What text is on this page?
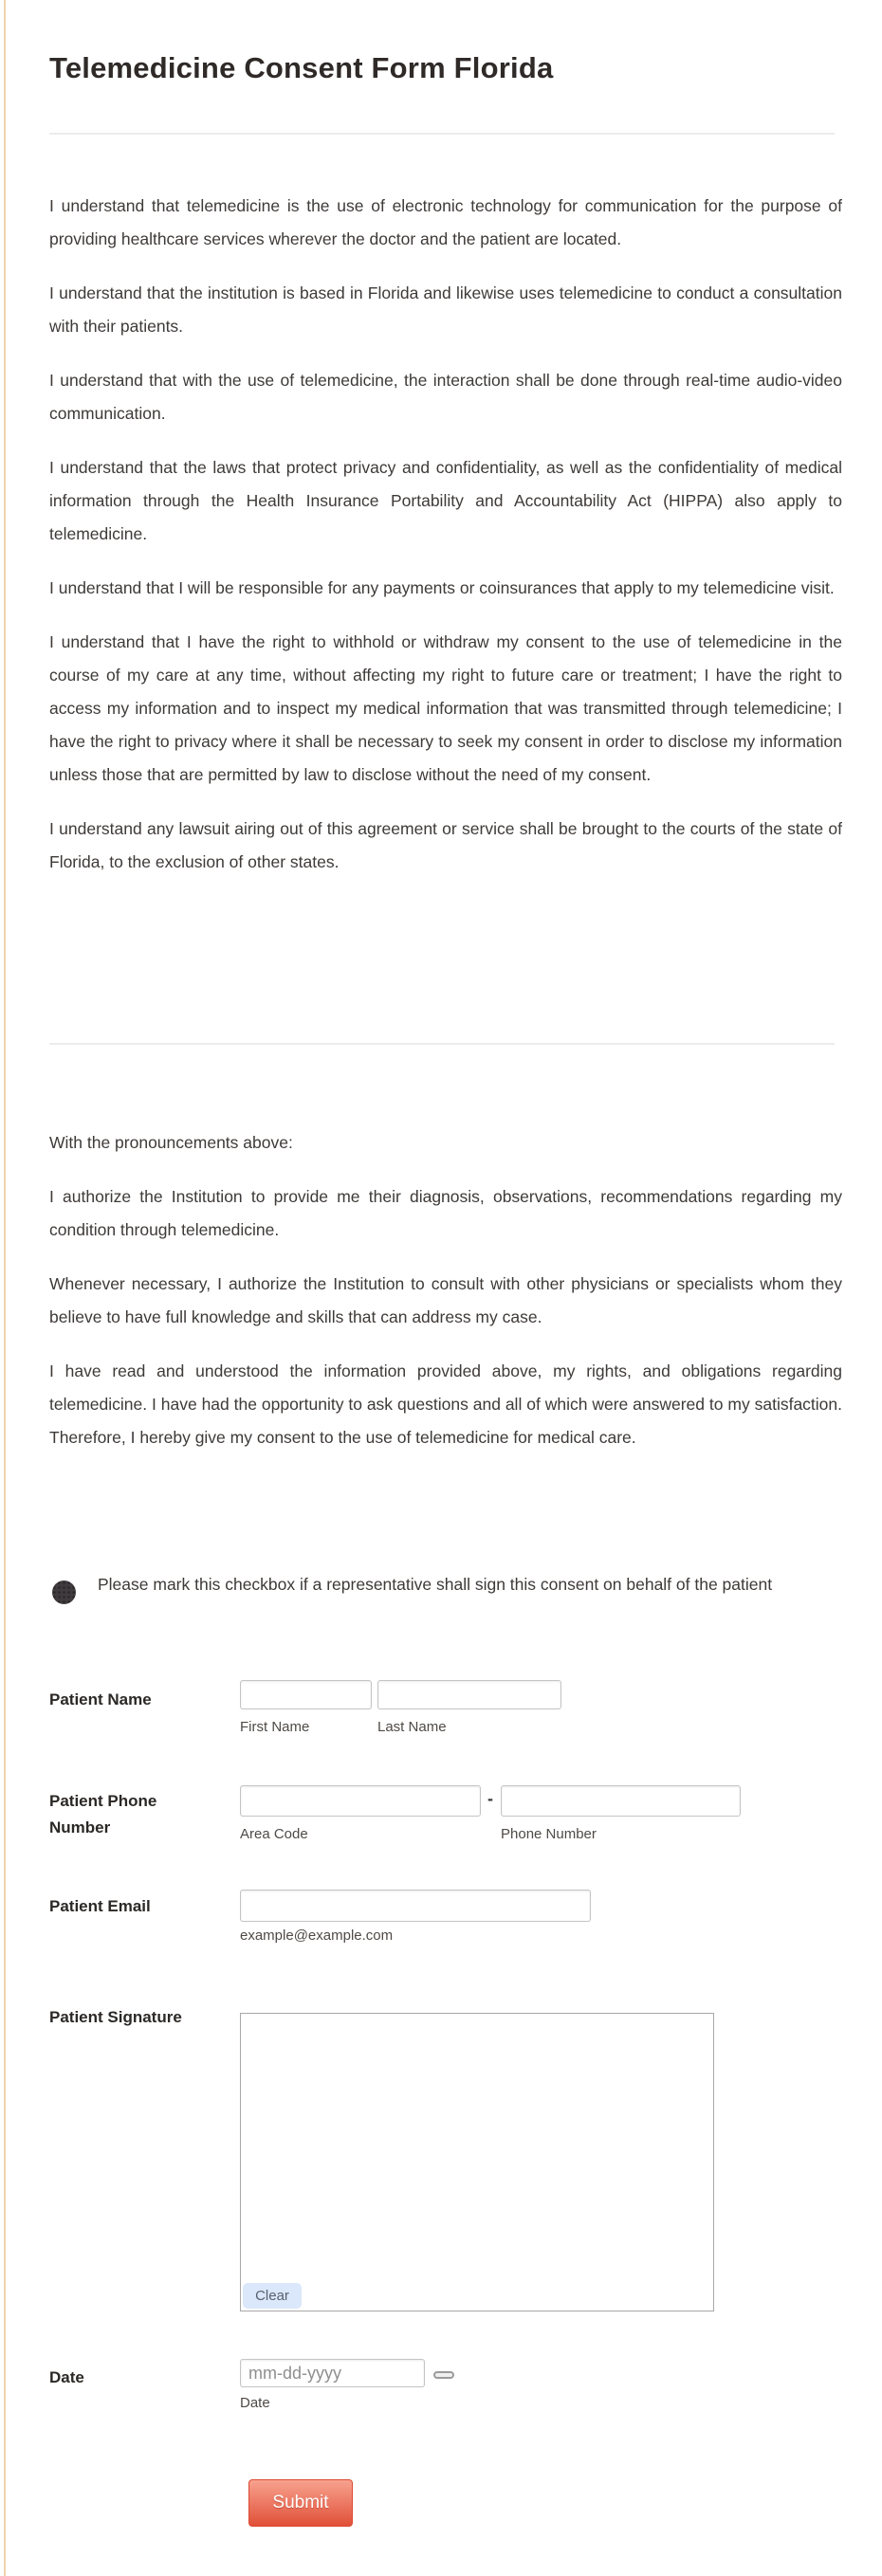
Telemedicine Consent Form Florida

I understand that telemedicine is the use of electronic technology for communication for the purpose of providing healthcare services wherever the doctor and the patient are located.

I understand that the institution is based in Florida and likewise uses telemedicine to conduct a consultation with their patients.

I understand that with the use of telemedicine, the interaction shall be done through real-time audio-video communication.

I understand that the laws that protect privacy and confidentiality, as well as the confidentiality of medical information through the Health Insurance Portability and Accountability Act (HIPPA) also apply to telemedicine.

I understand that I will be responsible for any payments or coinsurances that apply to my telemedicine visit.

I understand that I have the right to withhold or withdraw my consent to the use of telemedicine in the course of my care at any time, without affecting my right to future care or treatment; I have the right to access my information and to inspect my medical information that was transmitted through telemedicine; I have the right to privacy where it shall be necessary to seek my consent in order to disclose my information unless those that are permitted by law to disclose without the need of my consent.

I understand any lawsuit airing out of this agreement or service shall be brought to the courts of the state of Florida, to the exclusion of other states.

With the pronouncements above:

I authorize the Institution to provide me their diagnosis, observations, recommendations regarding my condition through telemedicine.

Whenever necessary, I authorize the Institution to consult with other physicians or specialists whom they believe to have full knowledge and skills that can address my case.

I have read and understood the information provided above, my rights, and obligations regarding telemedicine. I have had the opportunity to ask questions and all of which were answered to my satisfaction. Therefore, I hereby give my consent to the use of telemedicine for medical care.

Please mark this checkbox if a representative shall sign this consent on behalf of the patient

Patient Name

First Name	Last Name

Patient Phone Number

-
Area Code	Phone Number

Patient Email

example@example.com

Patient Signature

Clear

Date

mm-dd-yyyy
Date
Submit
